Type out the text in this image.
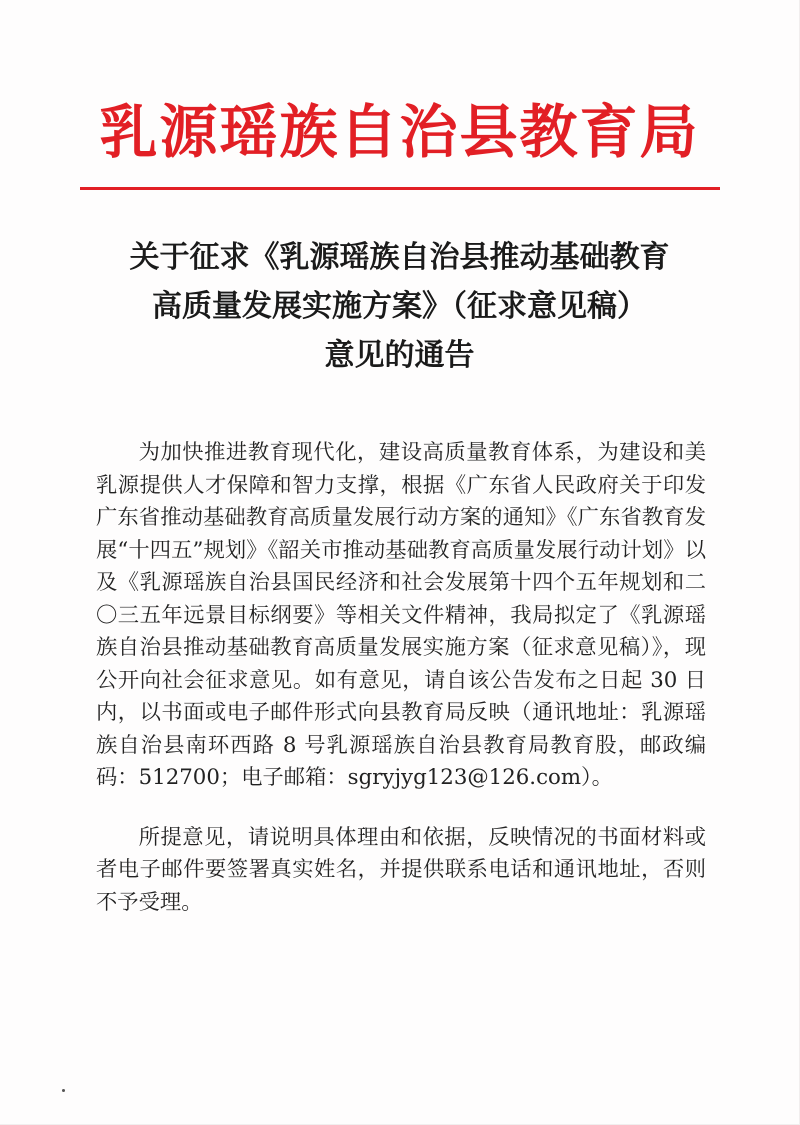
乳源瑶族自治县教育局
关于征求《乳源瑶族自治县推动基础教育
高质量发展实施方案》（征求意见稿）
意见的通告

为加快推进教育现代化，建设高质量教育体系，为建设和美乳源提供人才保障和智力支撑，根据《广东省人民政府关于印发广东省推动基础教育高质量发展行动方案的通知》《广东省教育发展“十四五”规划》《韶关市推动基础教育高质量发展行动计划》以及《乳源瑶族自治县国民经济和社会发展第十四个五年规划和二〇三五年远景目标纲要》等相关文件精神，我局拟定了《乳源瑶族自治县推动基础教育高质量发展实施方案（征求意见稿）》，现公开向社会征求意见。如有意见，请自该公告发布之日起 30 日内，以书面或电子邮件形式向县教育局反映（通讯地址：乳源瑶族自治县南环西路 8 号乳源瑶族自治县教育局教育股，邮政编码：512700；电子邮箱：sgryjyg123@126.com）。

所提意见，请说明具体理由和依据，反映情况的书面材料或者电子邮件要签署真实姓名，并提供联系电话和通讯地址，否则不予受理。
